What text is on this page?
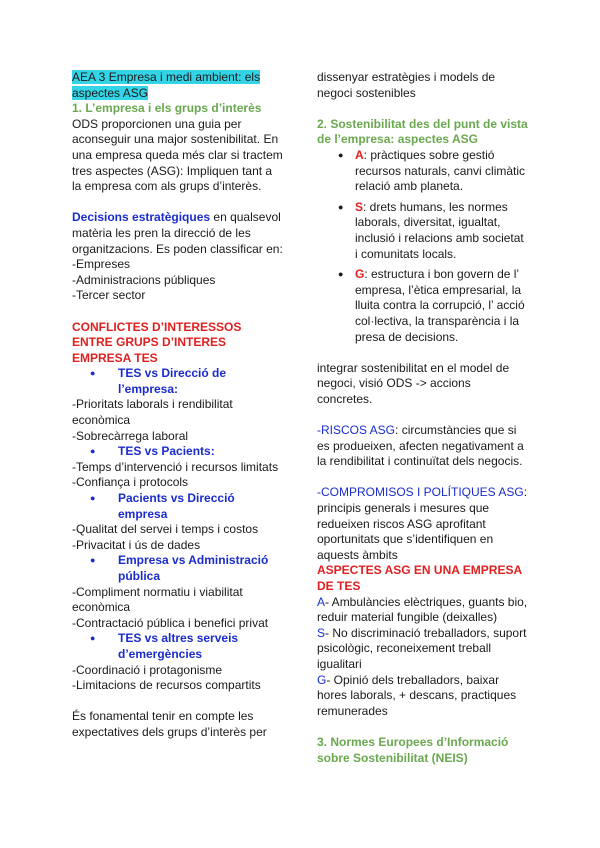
AEA 3 Empresa i medi ambient: els aspectes ASG

1. L’empresa i els grups d’interès

ODS proporcionen una guia per aconseguir una major sostenibilitat. En una empresa queda més clar si tractem tres aspectes (ASG): Impliquen tant a la empresa com als grups d’interès.

Decisions estratègiques en qualsevol matèria les pren la direcció de les organitzacions. Es poden classificar en:

-Empreses

-Administracions públiques

-Tercer sector

CONFLICTES D’INTERESSOS ENTRE GRUPS D’INTERES EMPRESA TES

● TES vs Direcció de l’empresa:

-Prioritats laborals i rendibilitat econòmica

-Sobrecàrrega laboral

● TES vs Pacients:

-Temps d’intervenció i recursos limitats

-Confiança i protocols

● Pacients vs Direcció empresa

-Qualitat del servei i temps i costos

-Privacitat i ús de dades

● Empresa vs Administració pública

-Compliment normatiu i viabilitat econòmica

-Contractació pública i benefici privat

● TES vs altres serveis d’emergències

-Coordinació i protagonisme

-Limitacions de recursos compartits

És fonamental tenir en compte les expectatives dels grups d’interès per

dissenyar estratègies i models de negoci sostenibles

2. Sostenibilitat des del punt de vista de l’empresa: aspectes ASG

● A: pràctiques sobre gestió recursos naturals, canvi climàtic relació amb planeta.
● S: drets humans, les normes laborals, diversitat, igualtat, inclusió i relacions amb societat i comunitats locals.
● G: estructura i bon govern de l’ empresa, l’ètica empresarial, la lluita contra la corrupció, l’ acció col·lectiva, la transparència i la presa de decisions.

integrar sostenibilitat en el model de negoci, visió ODS -> accions concretes.

-RISCOS ASG: circumstàncies que si es produeixen, afecten negativament a la rendibilitat i continuïtat dels negocis.

-COMPROMISOS I POLÍTIQUES ASG: principis generals i mesures que redueixen riscos ASG aprofitant oportunitats que s’identifiquen en aquests àmbits

ASPECTES ASG EN UNA EMPRESA DE TES

A- Ambulàncies elèctriques, guants bio, reduir material fungible (deixalles)

S- No discriminació treballadors, suport psicològic, reconeixement treball igualitari

G- Opinió dels treballadors, baixar hores laborals, + descans, practiques remunerades

3. Normes Europees d’Informació sobre Sostenibilitat (NEIS)
